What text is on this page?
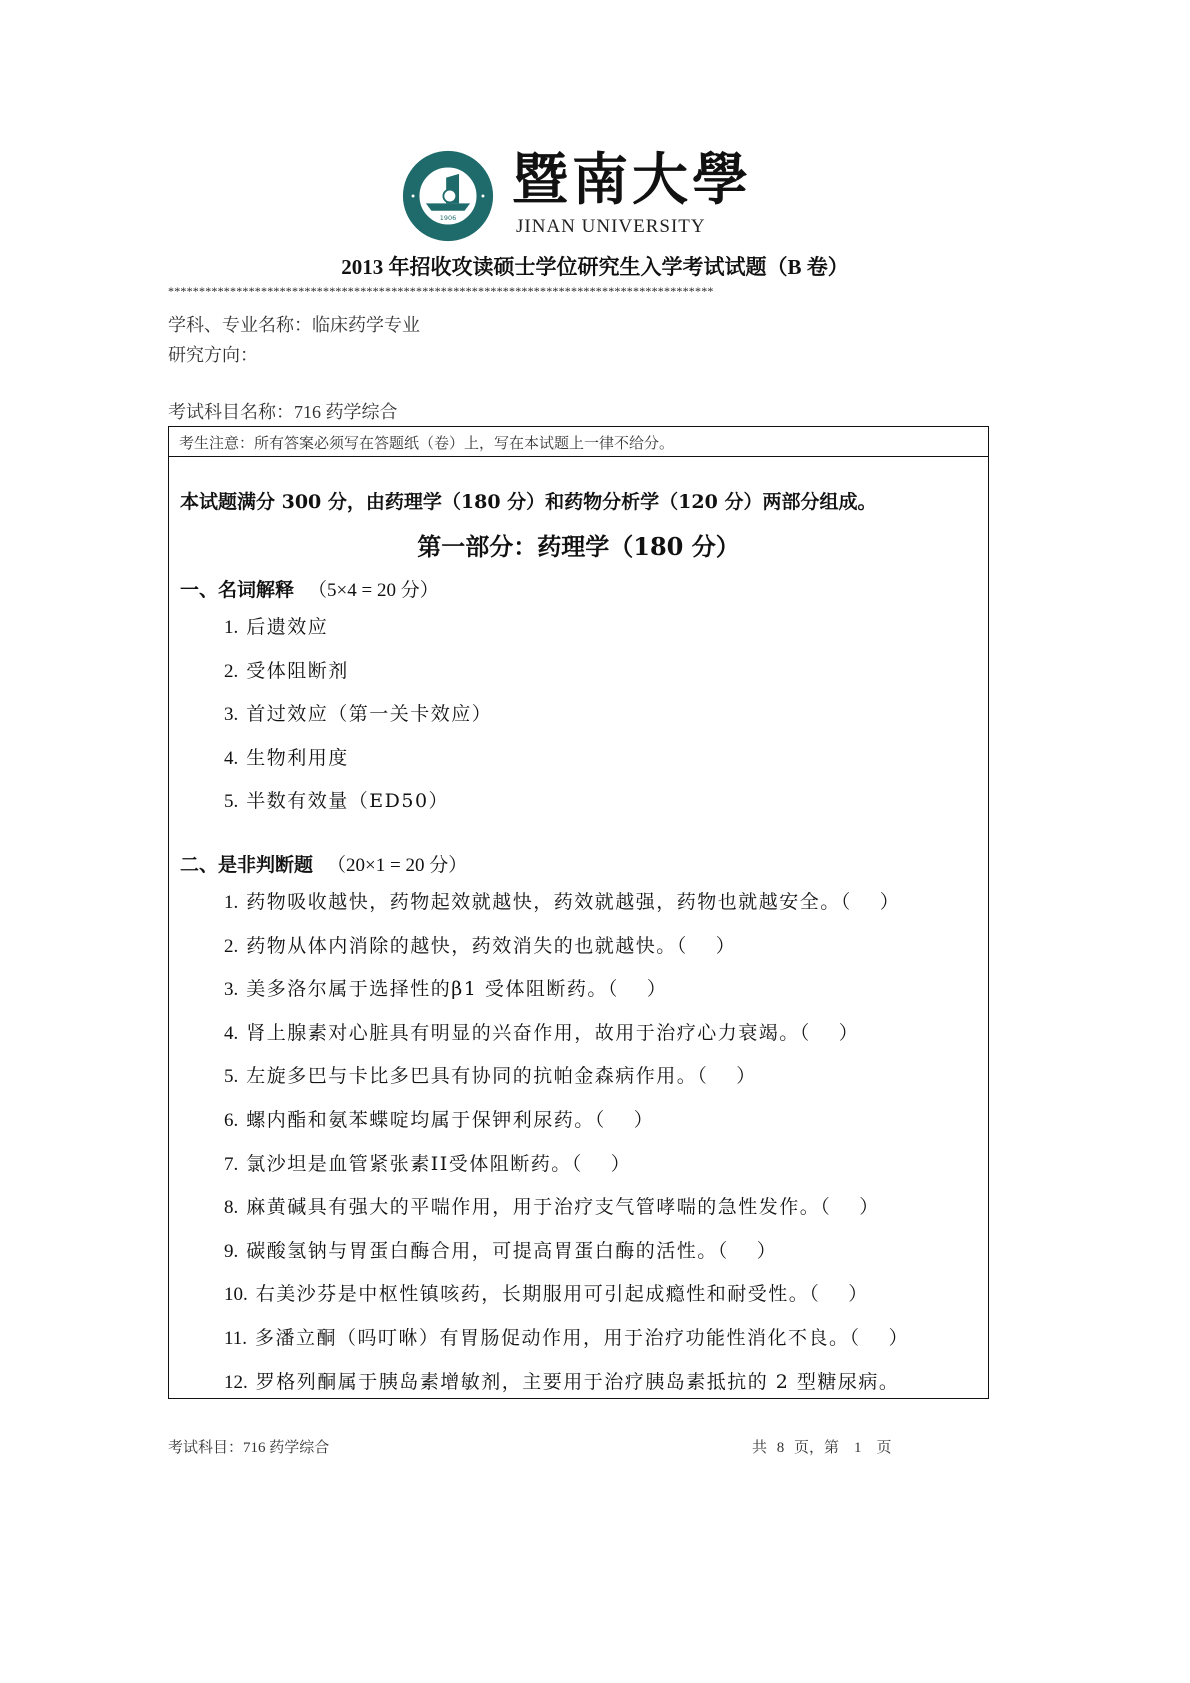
1906
暨南大學
JINAN UNIVERSITY
2013 年招收攻读硕士学位研究生入学考试试题（B 卷）
****************************************************************************************
学科、专业名称：临床药学专业
研究方向：
考试科目名称：716 药学综合
考生注意：所有答案必须写在答题纸（卷）上，写在本试题上一律不给分。
本试题满分 300 分，由药理学（180 分）和药物分析学（120 分）两部分组成。
第一部分：药理学（180 分）
一、名词解释 （5×4 = 20 分）
二、是非判断题 （20×1 = 20 分）
1. 后遗效应
2. 受体阻断剂
3. 首过效应（第一关卡效应）
4. 生物利用度
5. 半数有效量（ED50）
1. 药物吸收越快，药物起效就越快，药效就越强，药物也就越安全。（　 ）
2. 药物从体内消除的越快，药效消失的也就越快。（　 ）
3. 美多洛尔属于选择性的β1 受体阻断药。（　 ）
4. 肾上腺素对心脏具有明显的兴奋作用，故用于治疗心力衰竭。（　 ）
5. 左旋多巴与卡比多巴具有协同的抗帕金森病作用。（　 ）
6. 螺内酯和氨苯蝶啶均属于保钾利尿药。（　 ）
7. 氯沙坦是血管紧张素II受体阻断药。（　 ）
8. 麻黄碱具有强大的平喘作用，用于治疗支气管哮喘的急性发作。（　 ）
9. 碳酸氢钠与胃蛋白酶合用，可提高胃蛋白酶的活性。（　 ）
10. 右美沙芬是中枢性镇咳药，长期服用可引起成瘾性和耐受性。（　 ）
11. 多潘立酮（吗叮咻）有胃肠促动作用，用于治疗功能性消化不良。（　 ）
12. 罗格列酮属于胰岛素增敏剂，主要用于治疗胰岛素抵抗的 2 型糖尿病。
考试科目：716 药学综合	共 8 页，第　1　页
